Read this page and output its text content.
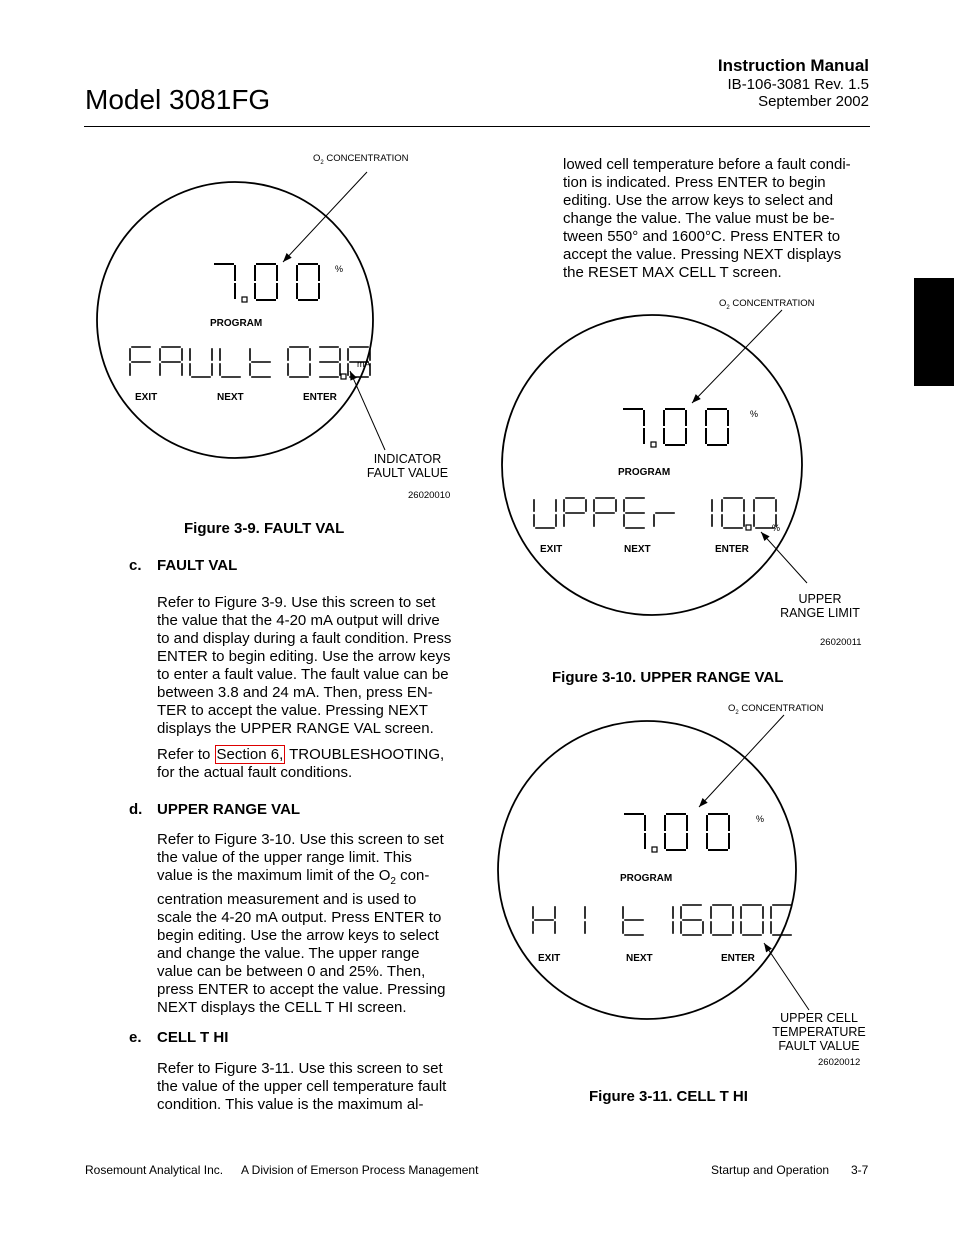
Model 3081FG
Instruction Manual
IB-106-3081 Rev. 1.5
September 2002
$O_2$ CONCENTRATION
%
PROGRAM
mA
EXIT	NEXT	ENTER
INDICATOR
FAULT VALUE
26020010
Figure 3-9. FAULT VAL
c. FAULT VAL
Refer to Figure 3-9. Use this screen to set
the value that the 4-20 mA output will drive
to and display during a fault condition. Press
ENTER to begin editing. Use the arrow keys
to enter a fault value. The fault value can be
between 3.8 and 24 mA. Then, press EN-
TER to accept the value. Pressing NEXT
displays the UPPER RANGE VAL screen.
Refer to Section 6, TROUBLESHOOTING,
for the actual fault conditions.
d. UPPER RANGE VAL
Refer to Figure 3-10. Use this screen to set
the value of the upper range limit. This
value is the maximum limit of the $O_2$ con-
centration measurement and is used to
scale the 4-20 mA output. Press ENTER to
begin editing. Use the arrow keys to select
and change the value. The upper range
value can be between 0 and 25%. Then,
press ENTER to accept the value. Pressing
NEXT displays the CELL T HI screen.
e. CELL T HI
Refer to Figure 3-11. Use this screen to set
the value of the upper cell temperature fault
condition. This value is the maximum al-
lowed cell temperature before a fault condi-
tion is indicated. Press ENTER to begin
editing. Use the arrow keys to select and
change the value. The value must be be-
tween 550° and 1600°C. Press ENTER to
accept the value. Pressing NEXT displays
the RESET MAX CELL T screen.
$O_2$ CONCENTRATION
%
PROGRAM
%
EXIT	NEXT	ENTER
UPPER
RANGE LIMIT
26020011
Figure 3-10. UPPER RANGE VAL
$O_2$ CONCENTRATION
%
PROGRAM
EXIT	NEXT	ENTER
UPPER CELL
TEMPERATURE
FAULT VALUE
26020012
Figure 3-11. CELL T HI
Rosemount Analytical Inc. A Division of Emerson Process Management	Startup and Operation 3-7
